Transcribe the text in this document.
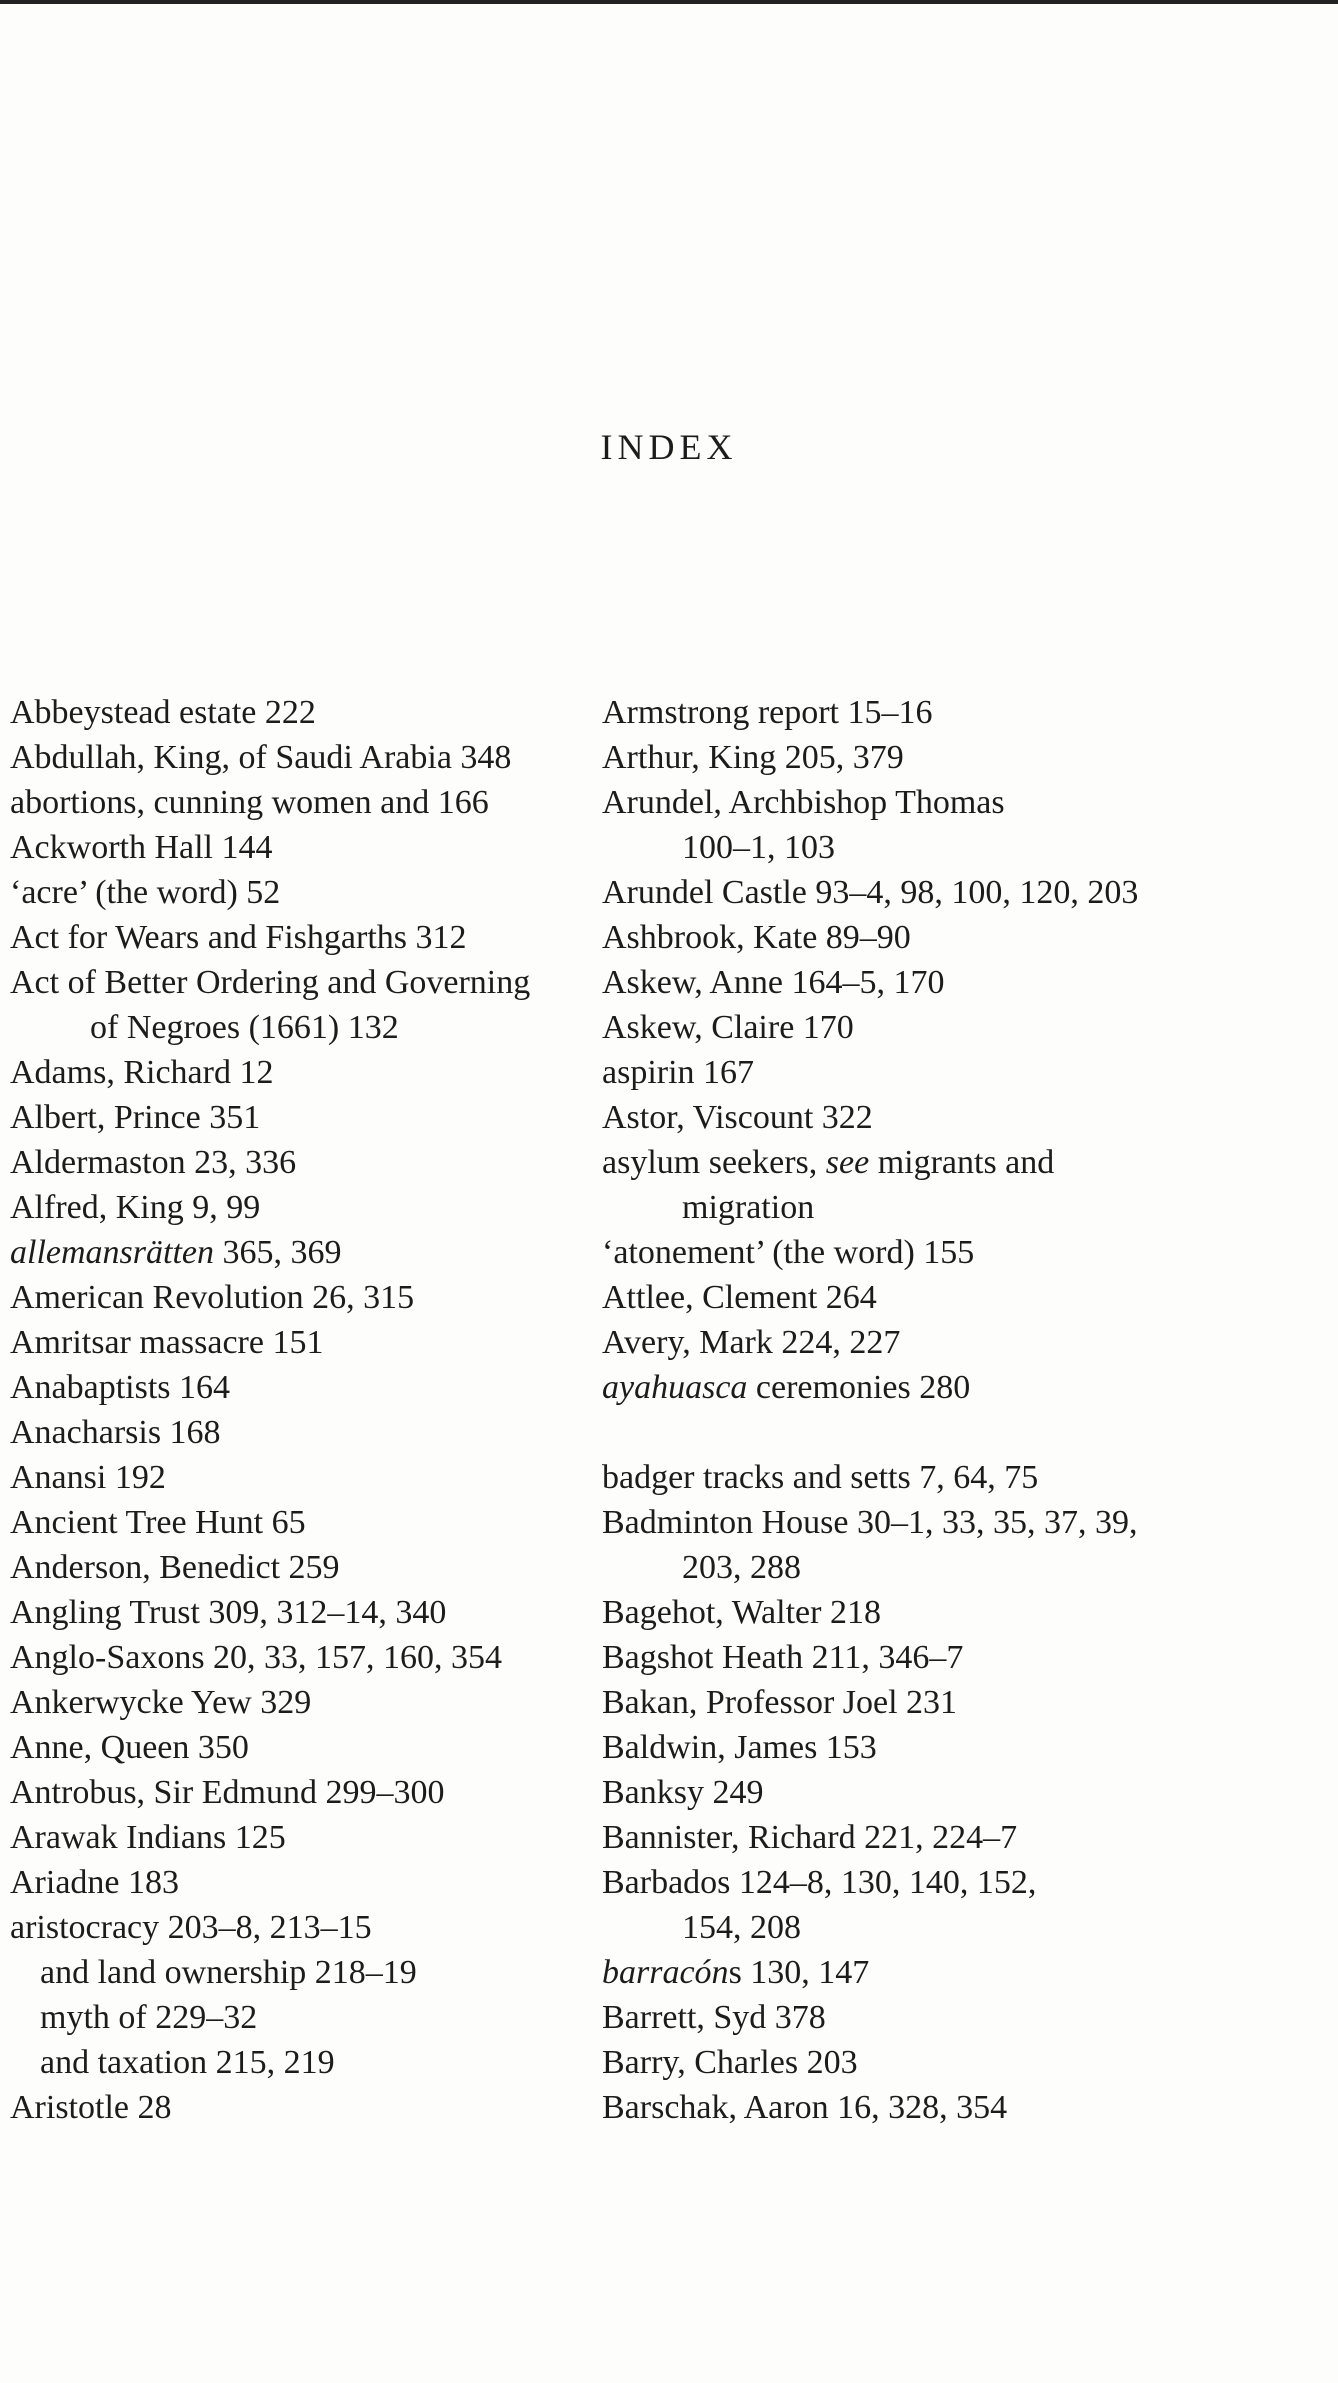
INDEX
Abbeystead estate 222
Abdullah, King, of Saudi Arabia 348
abortions, cunning women and 166
Ackworth Hall 144
‘acre’ (the word) 52
Act for Wears and Fishgarths 312
Act of Better Ordering and Governing
of Negroes (1661) 132
Adams, Richard 12
Albert, Prince 351
Aldermaston 23, 336
Alfred, King 9, 99
allemansrätten 365, 369
American Revolution 26, 315
Amritsar massacre 151
Anabaptists 164
Anacharsis 168
Anansi 192
Ancient Tree Hunt 65
Anderson, Benedict 259
Angling Trust 309, 312–14, 340
Anglo-Saxons 20, 33, 157, 160, 354
Ankerwycke Yew 329
Anne, Queen 350
Antrobus, Sir Edmund 299–300
Arawak Indians 125
Ariadne 183
aristocracy 203–8, 213–15
and land ownership 218–19
myth of 229–32
and taxation 215, 219
Aristotle 28
Armstrong report 15–16
Arthur, King 205, 379
Arundel, Archbishop Thomas
100–1, 103
Arundel Castle 93–4, 98, 100, 120, 203
Ashbrook, Kate 89–90
Askew, Anne 164–5, 170
Askew, Claire 170
aspirin 167
Astor, Viscount 322
asylum seekers, see migrants and
migration
‘atonement’ (the word) 155
Attlee, Clement 264
Avery, Mark 224, 227
ayahuasca ceremonies 280
badger tracks and setts 7, 64, 75
Badminton House 30–1, 33, 35, 37, 39,
203, 288
Bagehot, Walter 218
Bagshot Heath 211, 346–7
Bakan, Professor Joel 231
Baldwin, James 153
Banksy 249
Bannister, Richard 221, 224–7
Barbados 124–8, 130, 140, 152,
154, 208
barracóns 130, 147
Barrett, Syd 378
Barry, Charles 203
Barschak, Aaron 16, 328, 354
